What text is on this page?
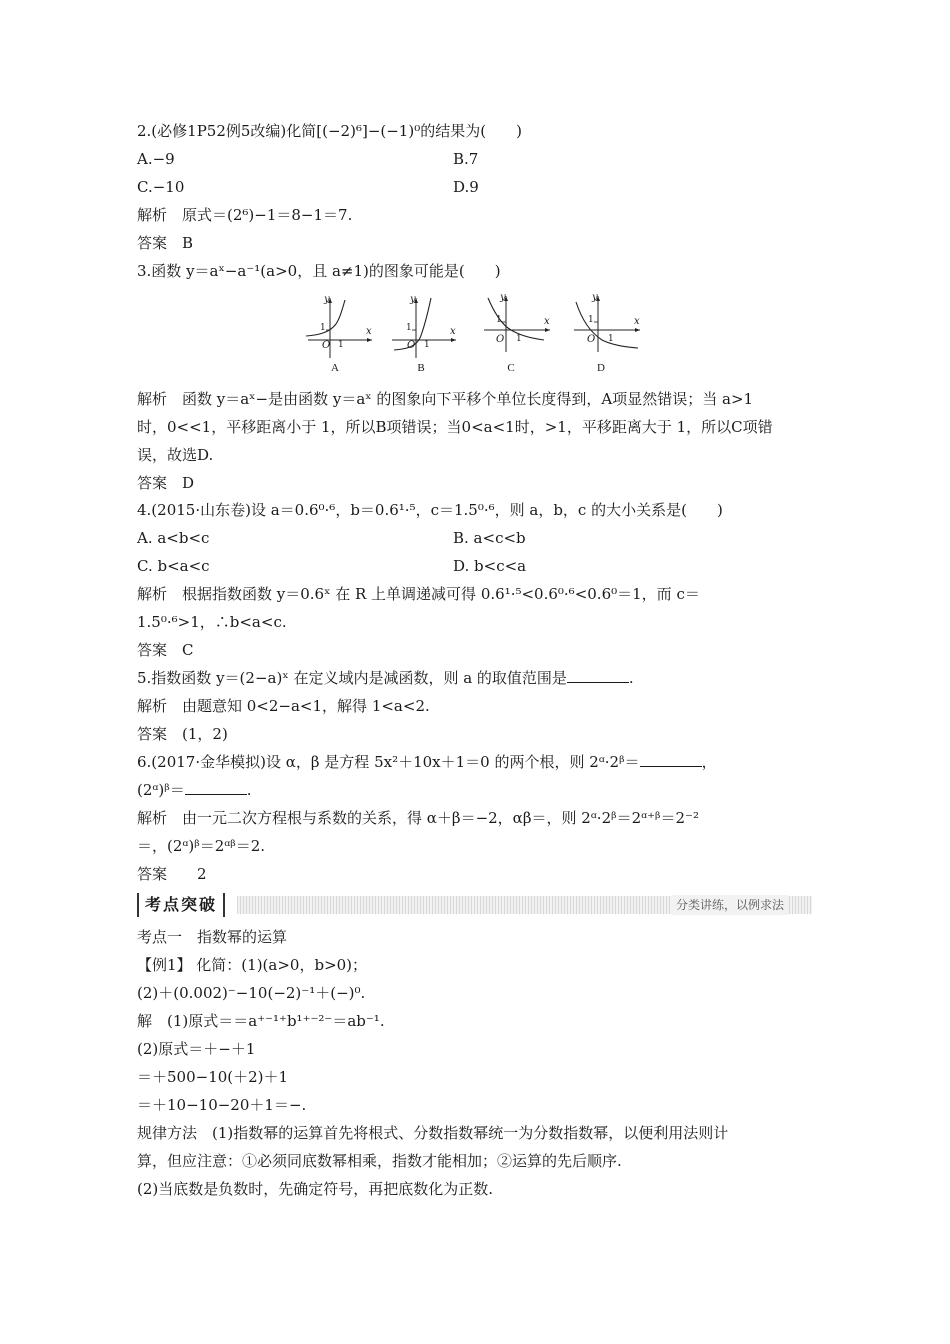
2.(必修1P52例5改编)化简[(−2)⁶]−(−1)⁰的结果为(　　)
A.−9	B.7
C.−10	D.9
解析　原式＝(2⁶)−1＝8−1＝7.
答案　B
3.函数 y＝aˣ−a⁻¹(a>0，且 a≠1)的图象可能是(　　)
y
x
O
1
1
A
y
x
O
1
1
B
y
x
O
1
1
C
y
x
O
1
1
D
解析　函数 y＝aˣ−是由函数 y＝aˣ 的图象向下平移个单位长度得到，A项显然错误；当 a>1
时，0<<1，平移距离小于 1，所以B项错误；当0<a<1时，>1，平移距离大于 1，所以C项错
误，故选D.
答案　D
4.(2015·山东卷)设 a＝0.6⁰·⁶，b＝0.6¹·⁵，c＝1.5⁰·⁶，则 a，b，c 的大小关系是(　　)
A. a<b<c	B. a<c<b
C. b<a<c	D. b<c<a
解析　根据指数函数 y＝0.6ˣ 在 R 上单调递减可得 0.6¹·⁵<0.6⁰·⁶<0.6⁰＝1，而 c＝
1.5⁰·⁶>1，∴b<a<c.
答案　C
5.指数函数 y＝(2−a)ˣ 在定义域内是减函数，则 a 的取值范围是	.
解析　由题意知 0<2−a<1，解得 1<a<2.
答案　(1，2)
6.(2017·金华模拟)设 α，β 是方程 5x²＋10x＋1＝0 的两个根，则 2ᵅ·2ᵝ＝	，
(2ᵅ)ᵝ＝	.
解析　由一元二次方程根与系数的关系，得 α＋β＝−2，αβ＝，则 2ᵅ·2ᵝ＝2ᵅ⁺ᵝ＝2⁻²
＝，(2ᵅ)ᵝ＝2ᵅᵝ＝2.
答案　　2
考点突破	分类讲练，以例求法
考点一　指数幂的运算
【例1】 化简：(1)(a>0，b>0)；
(2)＋(0.002)⁻−10(−2)⁻¹＋(−)⁰.
解　(1)原式＝＝a⁺⁻¹⁺b¹⁺⁻²⁻＝ab⁻¹.
(2)原式＝＋−＋1
＝＋500−10(＋2)＋1
＝＋10−10−20＋1＝−.
规律方法　(1)指数幂的运算首先将根式、分数指数幂统一为分数指数幂，以便利用法则计
算，但应注意：①必须同底数幂相乘，指数才能相加；②运算的先后顺序.
(2)当底数是负数时，先确定符号，再把底数化为正数.
